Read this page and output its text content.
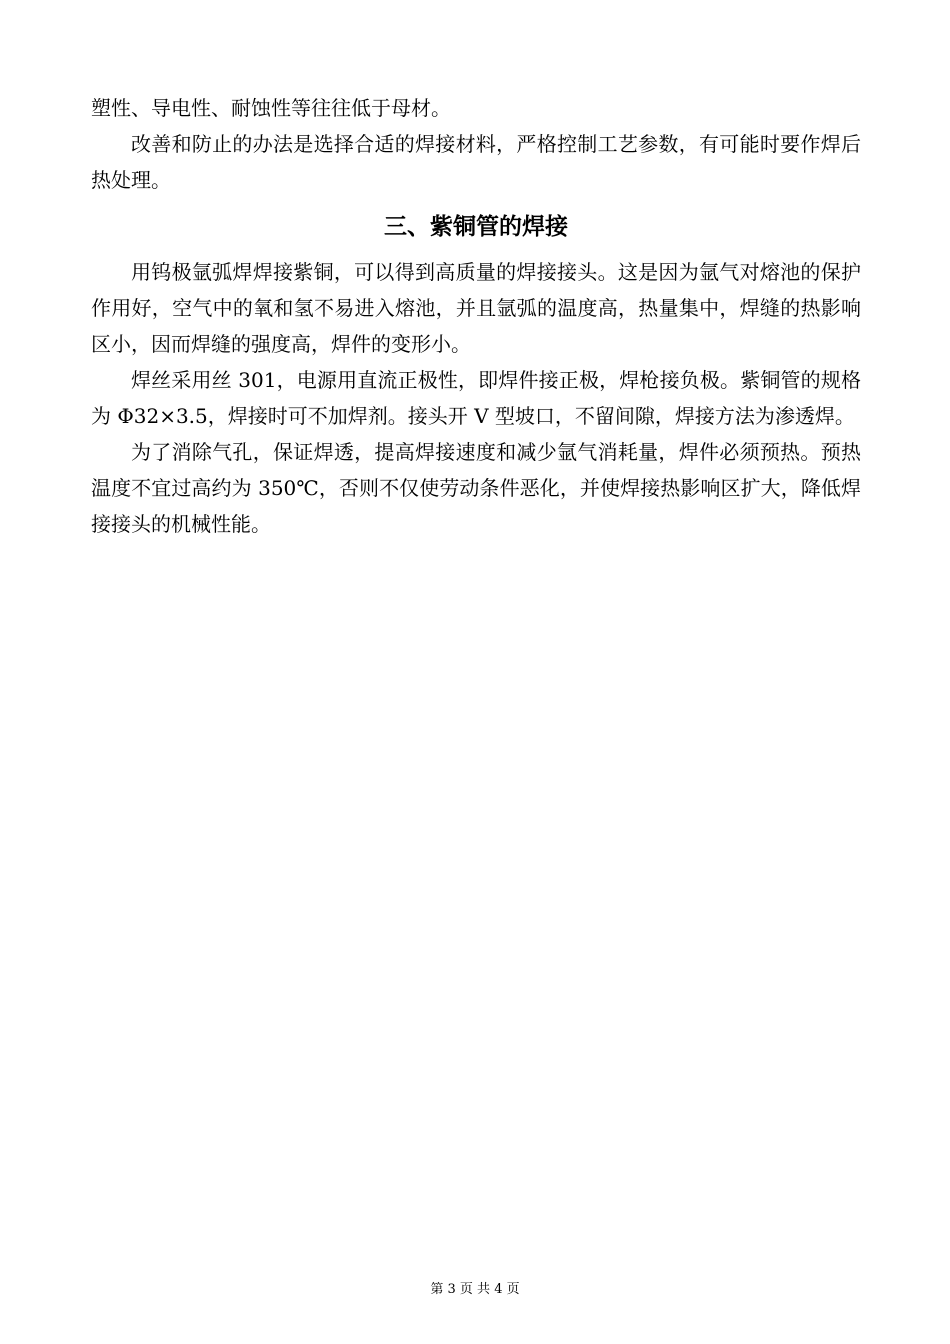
塑性、导电性、耐蚀性等往往低于母材。

改善和防止的办法是选择合适的焊接材料，严格控制工艺参数，有可能时要作焊后热处理。

三、紫铜管的焊接

用钨极氩弧焊焊接紫铜，可以得到高质量的焊接接头。这是因为氩气对熔池的保护作用好，空气中的氧和氢不易进入熔池，并且氩弧的温度高，热量集中，焊缝的热影响区小，因而焊缝的强度高，焊件的变形小。

焊丝采用丝 301，电源用直流正极性，即焊件接正极，焊枪接负极。紫铜管的规格为 Φ32×3.5，焊接时可不加焊剂。接头开 V 型坡口，不留间隙，焊接方法为渗透焊。

为了消除气孔，保证焊透，提高焊接速度和减少氩气消耗量，焊件必须预热。预热温度不宜过高约为 350℃，否则不仅使劳动条件恶化，并使焊接热影响区扩大，降低焊接接头的机械性能。

第 3 页 共 4 页
